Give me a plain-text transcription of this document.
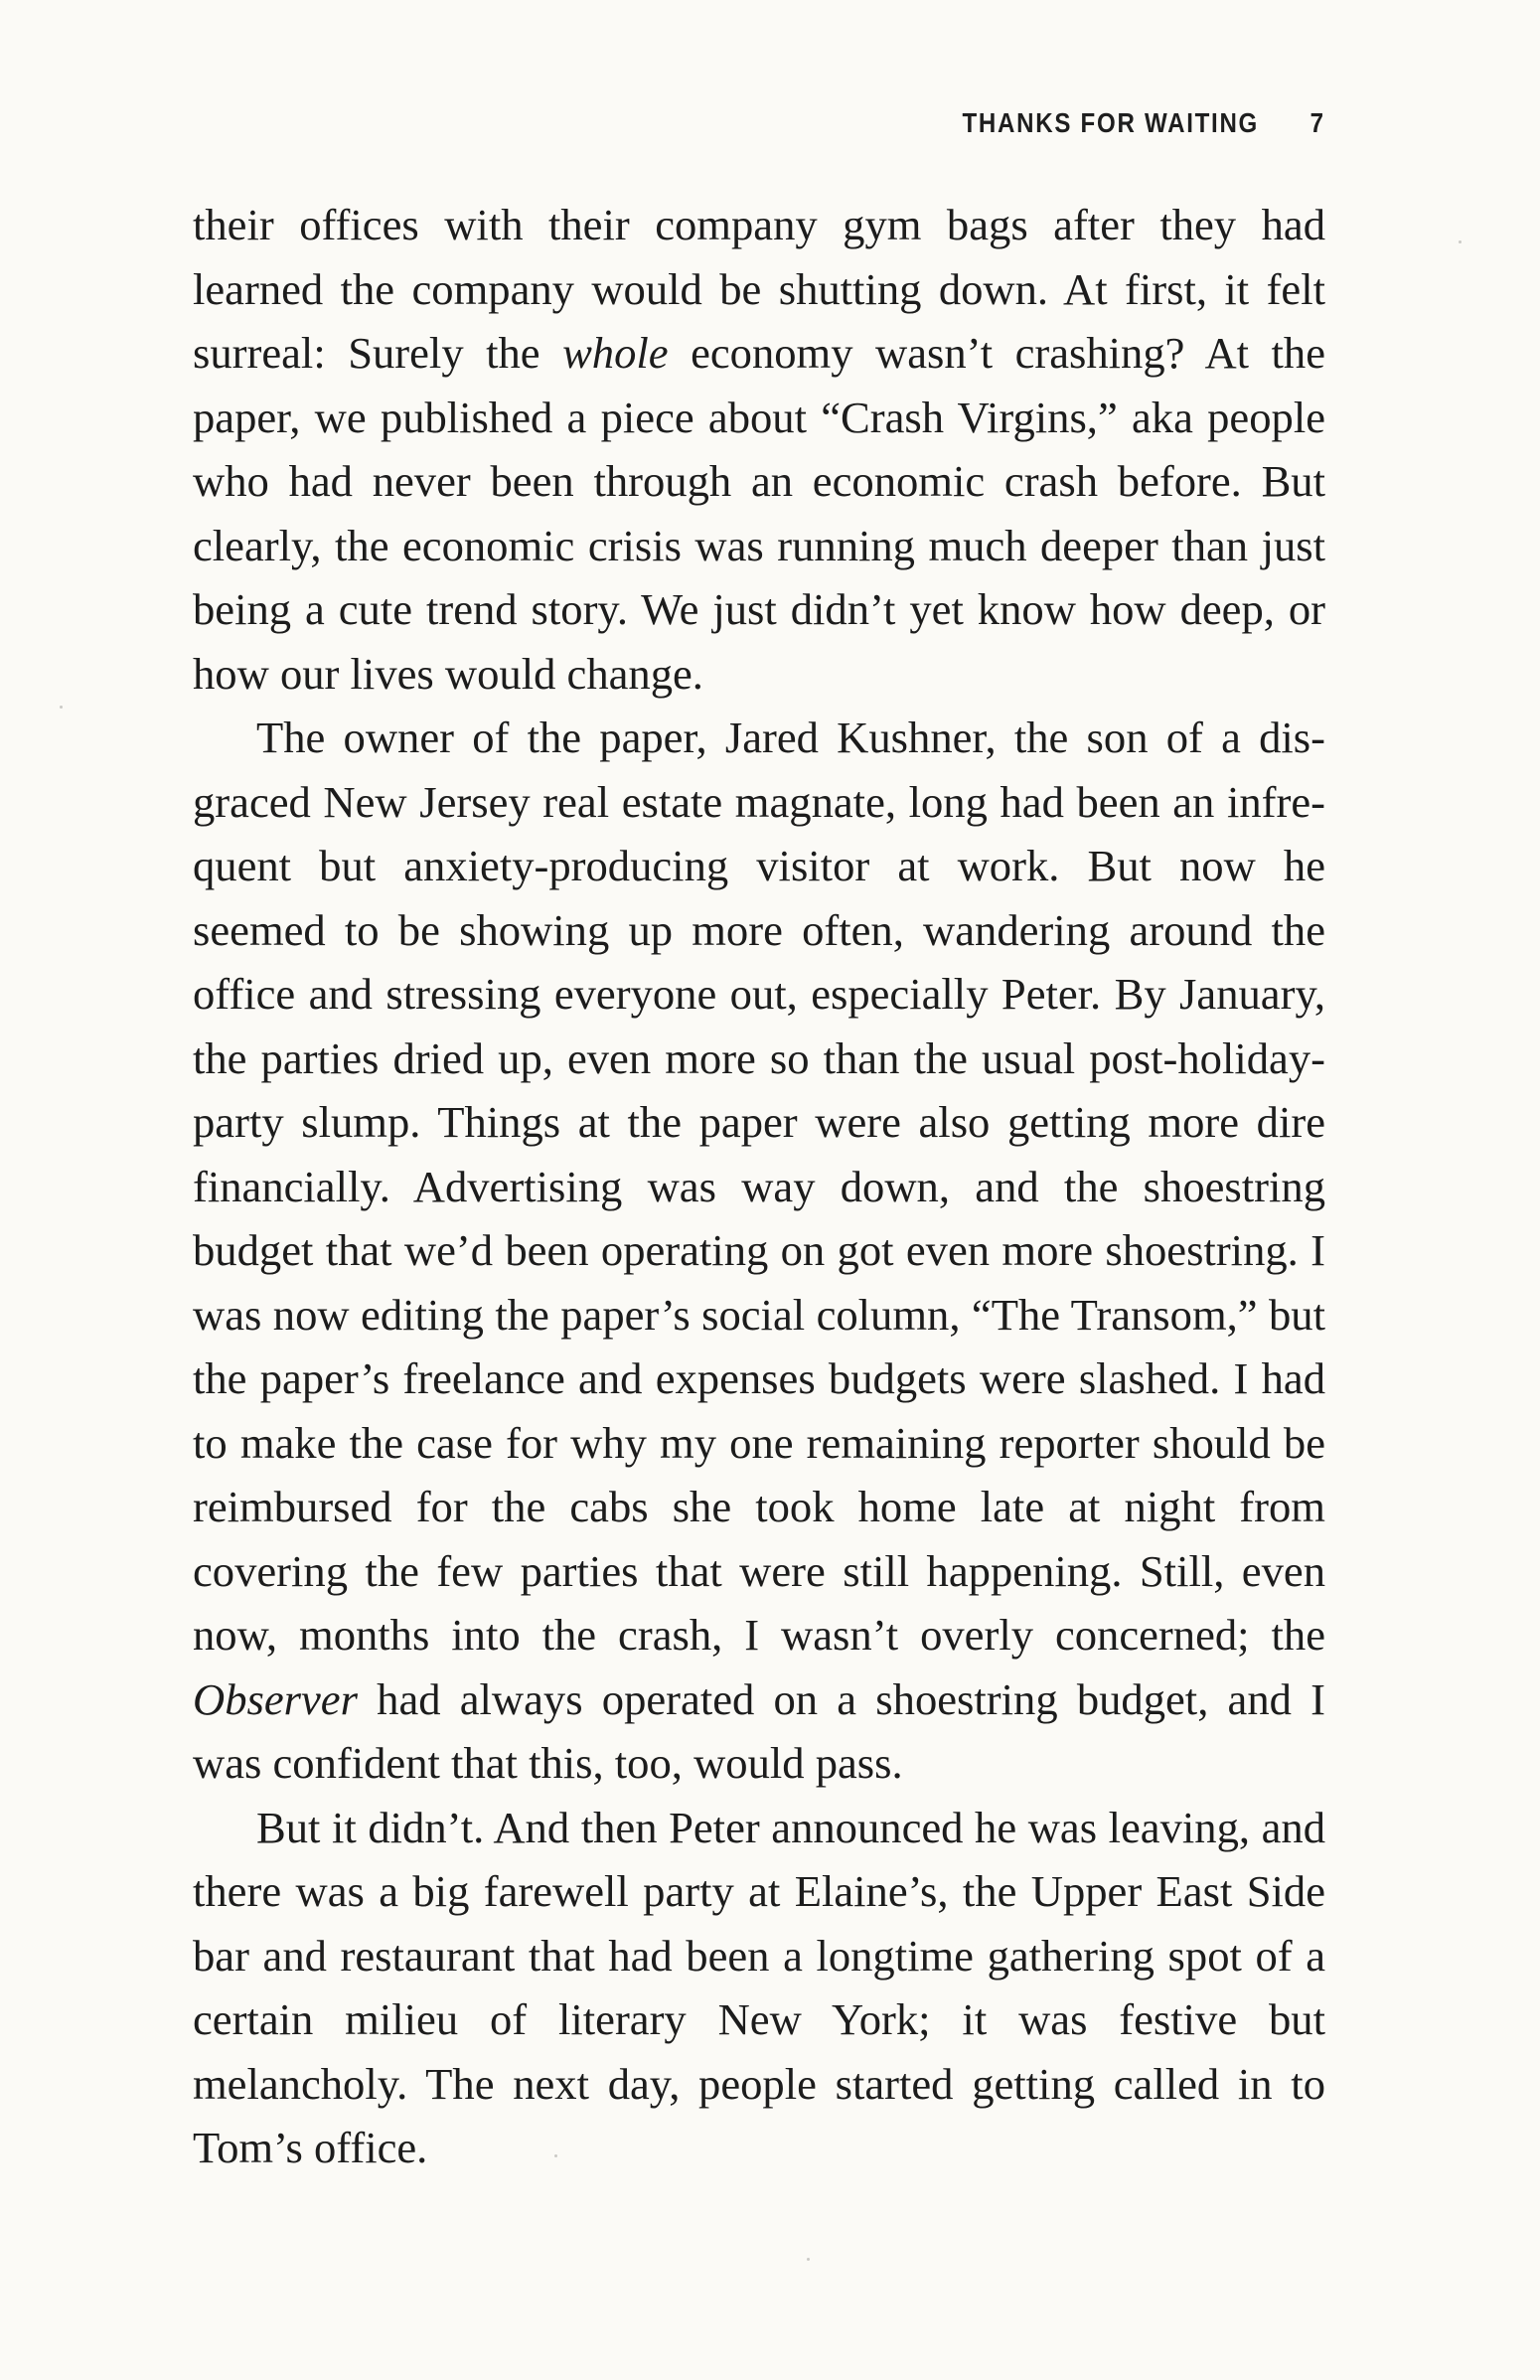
THANKS FOR WAITING 7

their offices with their company gym bags after they had learned the company would be shutting down. At first, it felt surreal: Surely the whole economy wasn’t crashing? At the paper, we published a piece about “Crash Virgins,” aka people who had never been through an economic crash before. But clearly, the economic crisis was running much deeper than just being a cute trend story. We just didn’t yet know how deep, or how our lives would change.

The owner of the paper, Jared Kushner, the son of a disgraced New Jersey real estate magnate, long had been an infrequent but anxiety-producing visitor at work. But now he seemed to be showing up more often, wandering around the office and stressing everyone out, especially Peter. By January, the parties dried up, even more so than the usual post-holiday-party slump. Things at the paper were also getting more dire financially. Advertising was way down, and the shoestring budget that we’d been operating on got even more shoestring. I was now editing the paper’s social column, “The Transom,” but the paper’s freelance and expenses budgets were slashed. I had to make the case for why my one remaining reporter should be reimbursed for the cabs she took home late at night from covering the few parties that were still happening. Still, even now, months into the crash, I wasn’t overly concerned; the Observer had always operated on a shoestring budget, and I was confident that this, too, would pass.

But it didn’t. And then Peter announced he was leaving, and there was a big farewell party at Elaine’s, the Upper East Side bar and restaurant that had been a longtime gathering spot of a certain milieu of literary New York; it was festive but melancholy. The next day, people started getting called in to Tom’s office.
